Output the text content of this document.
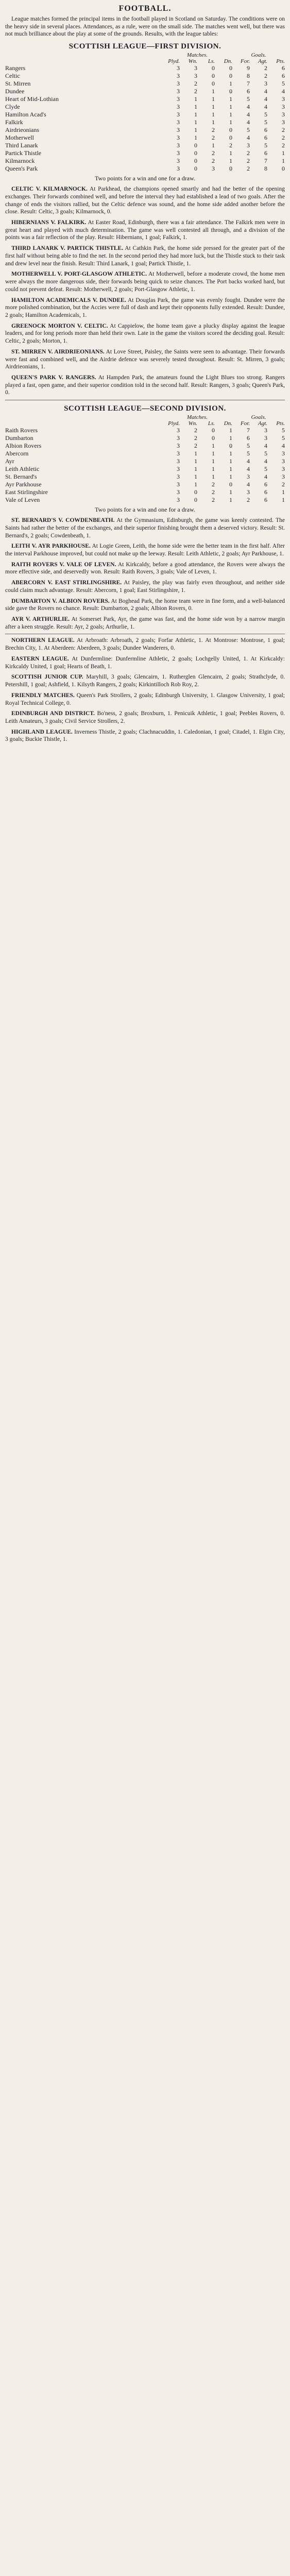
FOOTBALL.

League matches formed the principal items in the football played in Scotland on Saturday. The conditions were on the heavy side in several places. Attendances, as a rule, were on the small side. The matches went well, but there was not much brilliance about the play at some of the grounds. Results, with the league tables:

SCOTTISH LEAGUE—FIRST DIVISION.
Matches.	Goals.
Plyd.	Wn.	Ls.	Dn.	For.	Agt.	Pts.
Rangers	3	3	0	0	9	2	6
Celtic	3	3	0	0	8	2	6
St. Mirren	3	2	0	1	7	3	5
Dundee	3	2	1	0	6	4	4
Heart of Mid-Lothian	3	1	1	1	5	4	3
Clyde	3	1	1	1	4	4	3
Hamilton Acad's	3	1	1	1	4	5	3
Falkirk	3	1	1	1	4	5	3
Airdrieonians	3	1	2	0	5	6	2
Motherwell	3	1	2	0	4	6	2
Third Lanark	3	0	1	2	3	5	2
Partick Thistle	3	0	2	1	2	6	1
Kilmarnock	3	0	2	1	2	7	1
Queen's Park	3	0	3	0	2	8	0
Two points for a win and one for a draw.

CELTIC V. KILMARNOCK. At Parkhead, the champions opened smartly and had the better of the opening exchanges. Their forwards combined well, and before the interval they had established a lead of two goals. After the change of ends the visitors rallied, but the Celtic defence was sound, and the home side added another before the close. Result: Celtic, 3 goals; Kilmarnock, 0.

HIBERNIANS V. FALKIRK. At Easter Road, Edinburgh, there was a fair attendance. The Falkirk men were in great heart and played with much determination. The game was well contested all through, and a division of the points was a fair reflection of the play. Result: Hibernians, 1 goal; Falkirk, 1.

THIRD LANARK V. PARTICK THISTLE. At Cathkin Park, the home side pressed for the greater part of the first half without being able to find the net. In the second period they had more luck, but the Thistle stuck to their task and drew level near the finish. Result: Third Lanark, 1 goal; Partick Thistle, 1.

MOTHERWELL V. PORT-GLASGOW ATHLETIC. At Motherwell, before a moderate crowd, the home men were always the more dangerous side, their forwards being quick to seize chances. The Port backs worked hard, but could not prevent defeat. Result: Motherwell, 2 goals; Port-Glasgow Athletic, 1.

HAMILTON ACADEMICALS V. DUNDEE. At Douglas Park, the game was evenly fought. Dundee were the more polished combination, but the Accies were full of dash and kept their opponents fully extended. Result: Dundee, 2 goals; Hamilton Academicals, 1.

GREENOCK MORTON V. CELTIC. At Cappielow, the home team gave a plucky display against the league leaders, and for long periods more than held their own. Late in the game the visitors scored the deciding goal. Result: Celtic, 2 goals; Morton, 1.

ST. MIRREN V. AIRDRIEONIANS. At Love Street, Paisley, the Saints were seen to advantage. Their forwards were fast and combined well, and the Airdrie defence was severely tested throughout. Result: St. Mirren, 3 goals; Airdrieonians, 1.

QUEEN'S PARK V. RANGERS. At Hampden Park, the amateurs found the Light Blues too strong. Rangers played a fast, open game, and their superior condition told in the second half. Result: Rangers, 3 goals; Queen's Park, 0.

SCOTTISH LEAGUE—SECOND DIVISION.
Matches.	Goals.
Plyd.	Wn.	Ls.	Dn.	For.	Agt.	Pts.
Raith Rovers	3	2	0	1	7	3	5
Dumbarton	3	2	0	1	6	3	5
Albion Rovers	3	2	1	0	5	4	4
Abercorn	3	1	1	1	5	5	3
Ayr	3	1	1	1	4	4	3
Leith Athletic	3	1	1	1	4	5	3
St. Bernard's	3	1	1	1	3	4	3
Ayr Parkhouse	3	1	2	0	4	6	2
East Stirlingshire	3	0	2	1	3	6	1
Vale of Leven	3	0	2	1	2	6	1
Two points for a win and one for a draw.

ST. BERNARD'S V. COWDENBEATH. At the Gymnasium, Edinburgh, the game was keenly contested. The Saints had rather the better of the exchanges, and their superior finishing brought them a deserved victory. Result: St. Bernard's, 2 goals; Cowdenbeath, 1.

LEITH V. AYR PARKHOUSE. At Logie Green, Leith, the home side were the better team in the first half. After the interval Parkhouse improved, but could not make up the leeway. Result: Leith Athletic, 2 goals; Ayr Parkhouse, 1.

RAITH ROVERS V. VALE OF LEVEN. At Kirkcaldy, before a good attendance, the Rovers were always the more effective side, and deservedly won. Result: Raith Rovers, 3 goals; Vale of Leven, 1.

ABERCORN V. EAST STIRLINGSHIRE. At Paisley, the play was fairly even throughout, and neither side could claim much advantage. Result: Abercorn, 1 goal; East Stirlingshire, 1.

DUMBARTON V. ALBION ROVERS. At Boghead Park, the home team were in fine form, and a well-balanced side gave the Rovers no chance. Result: Dumbarton, 2 goals; Albion Rovers, 0.

AYR V. ARTHURLIE. At Somerset Park, Ayr, the game was fast, and the home side won by a narrow margin after a keen struggle. Result: Ayr, 2 goals; Arthurlie, 1.

NORTHERN LEAGUE. At Arbroath: Arbroath, 2 goals; Forfar Athletic, 1. At Montrose: Montrose, 1 goal; Brechin City, 1. At Aberdeen: Aberdeen, 3 goals; Dundee Wanderers, 0.

EASTERN LEAGUE. At Dunfermline: Dunfermline Athletic, 2 goals; Lochgelly United, 1. At Kirkcaldy: Kirkcaldy United, 1 goal; Hearts of Beath, 1.

SCOTTISH JUNIOR CUP. Maryhill, 3 goals; Glencairn, 1. Rutherglen Glencairn, 2 goals; Strathclyde, 0. Petershill, 1 goal; Ashfield, 1. Kilsyth Rangers, 2 goals; Kirkintilloch Rob Roy, 2.

FRIENDLY MATCHES. Queen's Park Strollers, 2 goals; Edinburgh University, 1. Glasgow University, 1 goal; Royal Technical College, 0.

EDINBURGH AND DISTRICT. Bo'ness, 2 goals; Broxburn, 1. Penicuik Athletic, 1 goal; Peebles Rovers, 0. Leith Amateurs, 3 goals; Civil Service Strollers, 2.

HIGHLAND LEAGUE. Inverness Thistle, 2 goals; Clachnacuddin, 1. Caledonian, 1 goal; Citadel, 1. Elgin City, 3 goals; Buckie Thistle, 1.
